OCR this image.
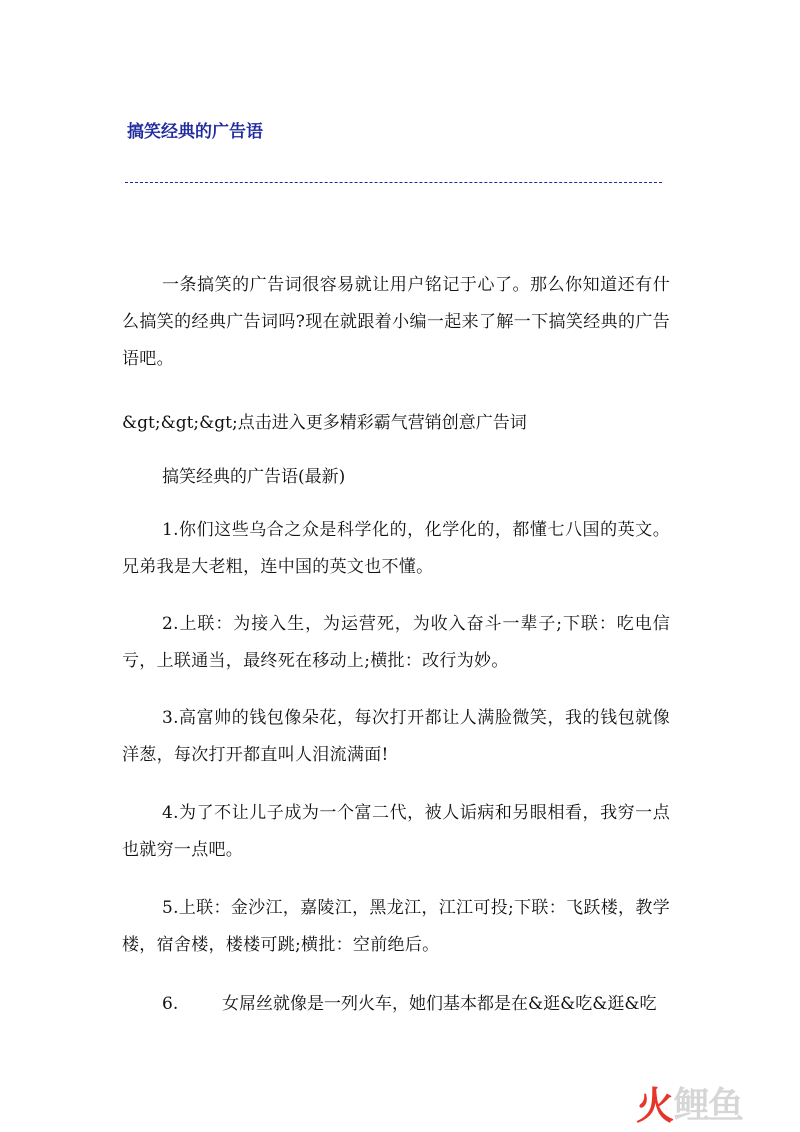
搞笑经典的广告语
一条搞笑的广告词很容易就让用户铭记于心了。那么你知道还有什么搞笑的经典广告词吗?现在就跟着小编一起来了解一下搞笑经典的广告语吧。
&gt;&gt;&gt;点击进入更多精彩霸气营销创意广告词
搞笑经典的广告语(最新)
1.你们这些乌合之众是科学化的，化学化的，都懂七八国的英文。兄弟我是大老粗，连中国的英文也不懂。
2.上联：为接入生，为运营死，为收入奋斗一辈子;下联：吃电信亏，上联通当，最终死在移动上;横批：改行为妙。
3.高富帅的钱包像朵花，每次打开都让人满脸微笑，我的钱包就像洋葱，每次打开都直叫人泪流满面!
4.为了不让儿子成为一个富二代，被人诟病和另眼相看，我穷一点也就穷一点吧。
5.上联：金沙江，嘉陵江，黑龙江，江江可投;下联：飞跃楼，教学楼，宿舍楼，楼楼可跳;横批：空前绝后。
6.	女屌丝就像是一列火车，她们基本都是在&逛&吃&逛&吃
火 鲤鱼
